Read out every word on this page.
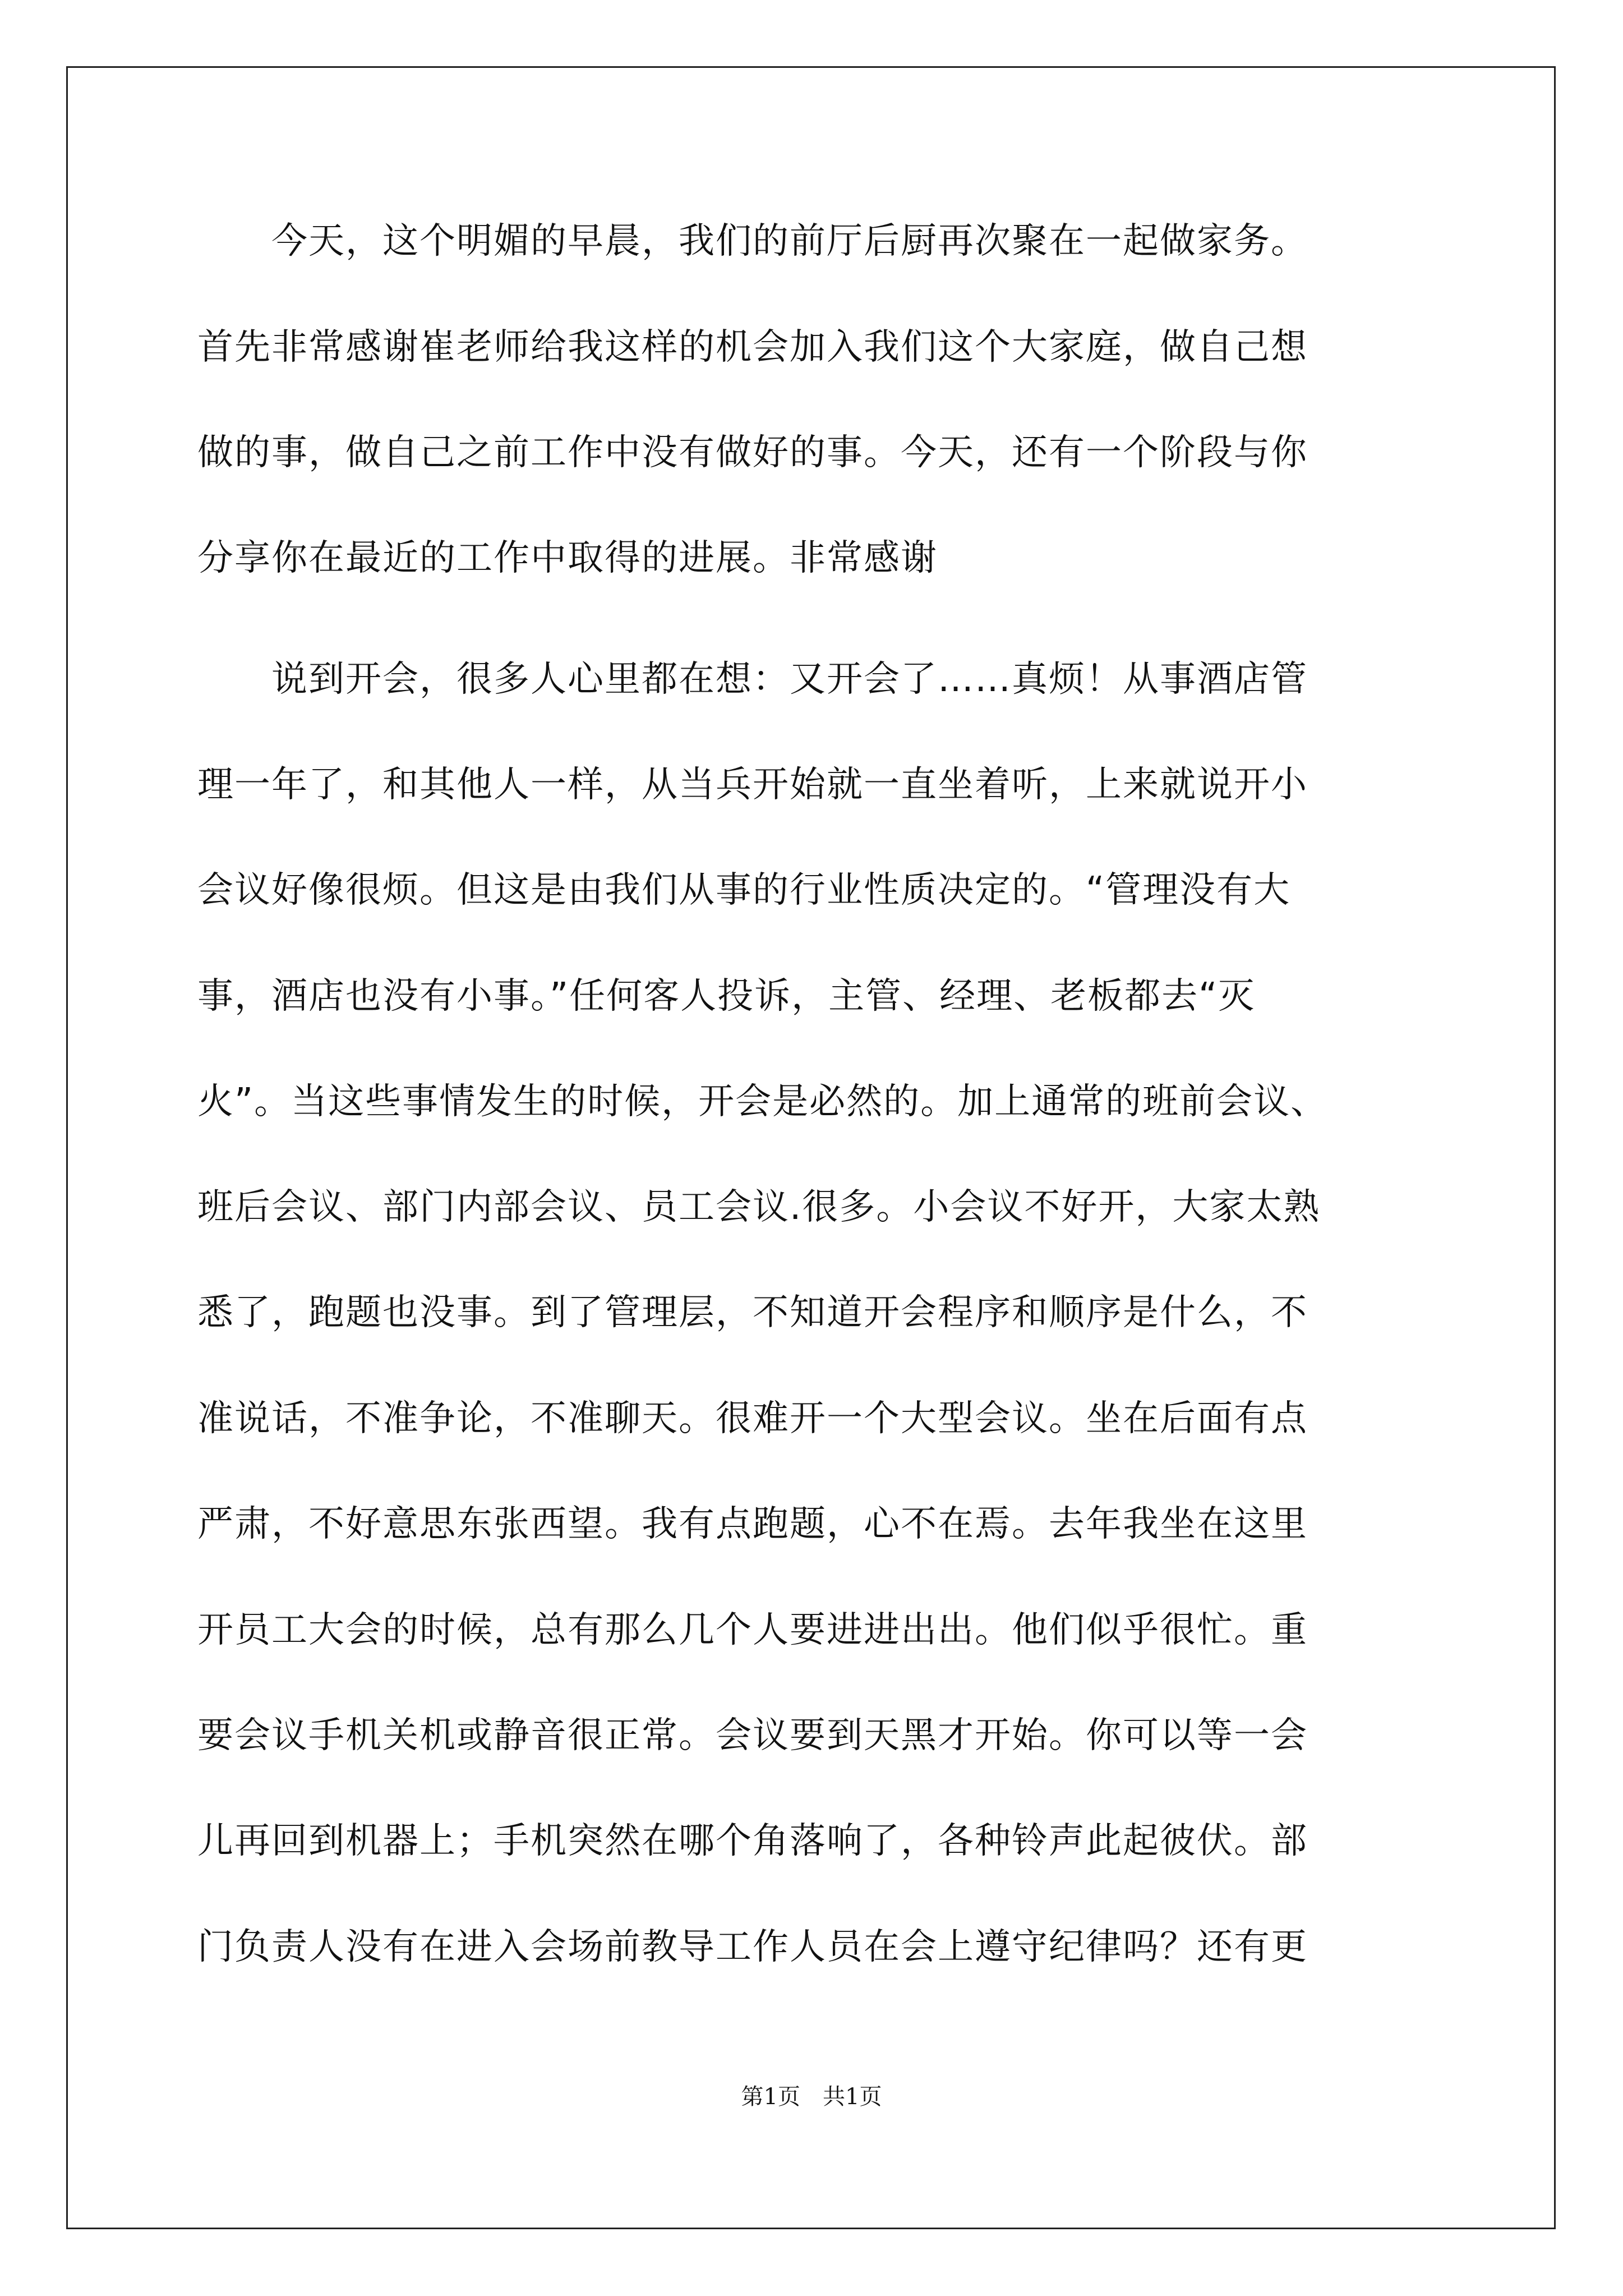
　　今天，这个明媚的早晨，我们的前厅后厨再次聚在一起做家务。
首先非常感谢崔老师给我这样的机会加入我们这个大家庭，做自己想
做的事，做自己之前工作中没有做好的事。今天，还有一个阶段与你
分享你在最近的工作中取得的进展。非常感谢
　　说到开会，很多人心里都在想：又开会了……真烦！从事酒店管
理一年了，和其他人一样，从当兵开始就一直坐着听，上来就说开小
会议好像很烦。但这是由我们从事的行业性质决定的。“管理没有大
事，酒店也没有小事。”任何客人投诉，主管、经理、老板都去“灭
火”。当这些事情发生的时候，开会是必然的。加上通常的班前会议、
班后会议、部门内部会议、员工会议.很多。小会议不好开，大家太熟
悉了，跑题也没事。到了管理层，不知道开会程序和顺序是什么，不
准说话，不准争论，不准聊天。很难开一个大型会议。坐在后面有点
严肃，不好意思东张西望。我有点跑题，心不在焉。去年我坐在这里
开员工大会的时候，总有那么几个人要进进出出。他们似乎很忙。重
要会议手机关机或静音很正常。会议要到天黑才开始。你可以等一会
儿再回到机器上；手机突然在哪个角落响了，各种铃声此起彼伏。部
门负责人没有在进入会场前教导工作人员在会上遵守纪律吗？还有更
第1页　共1页
